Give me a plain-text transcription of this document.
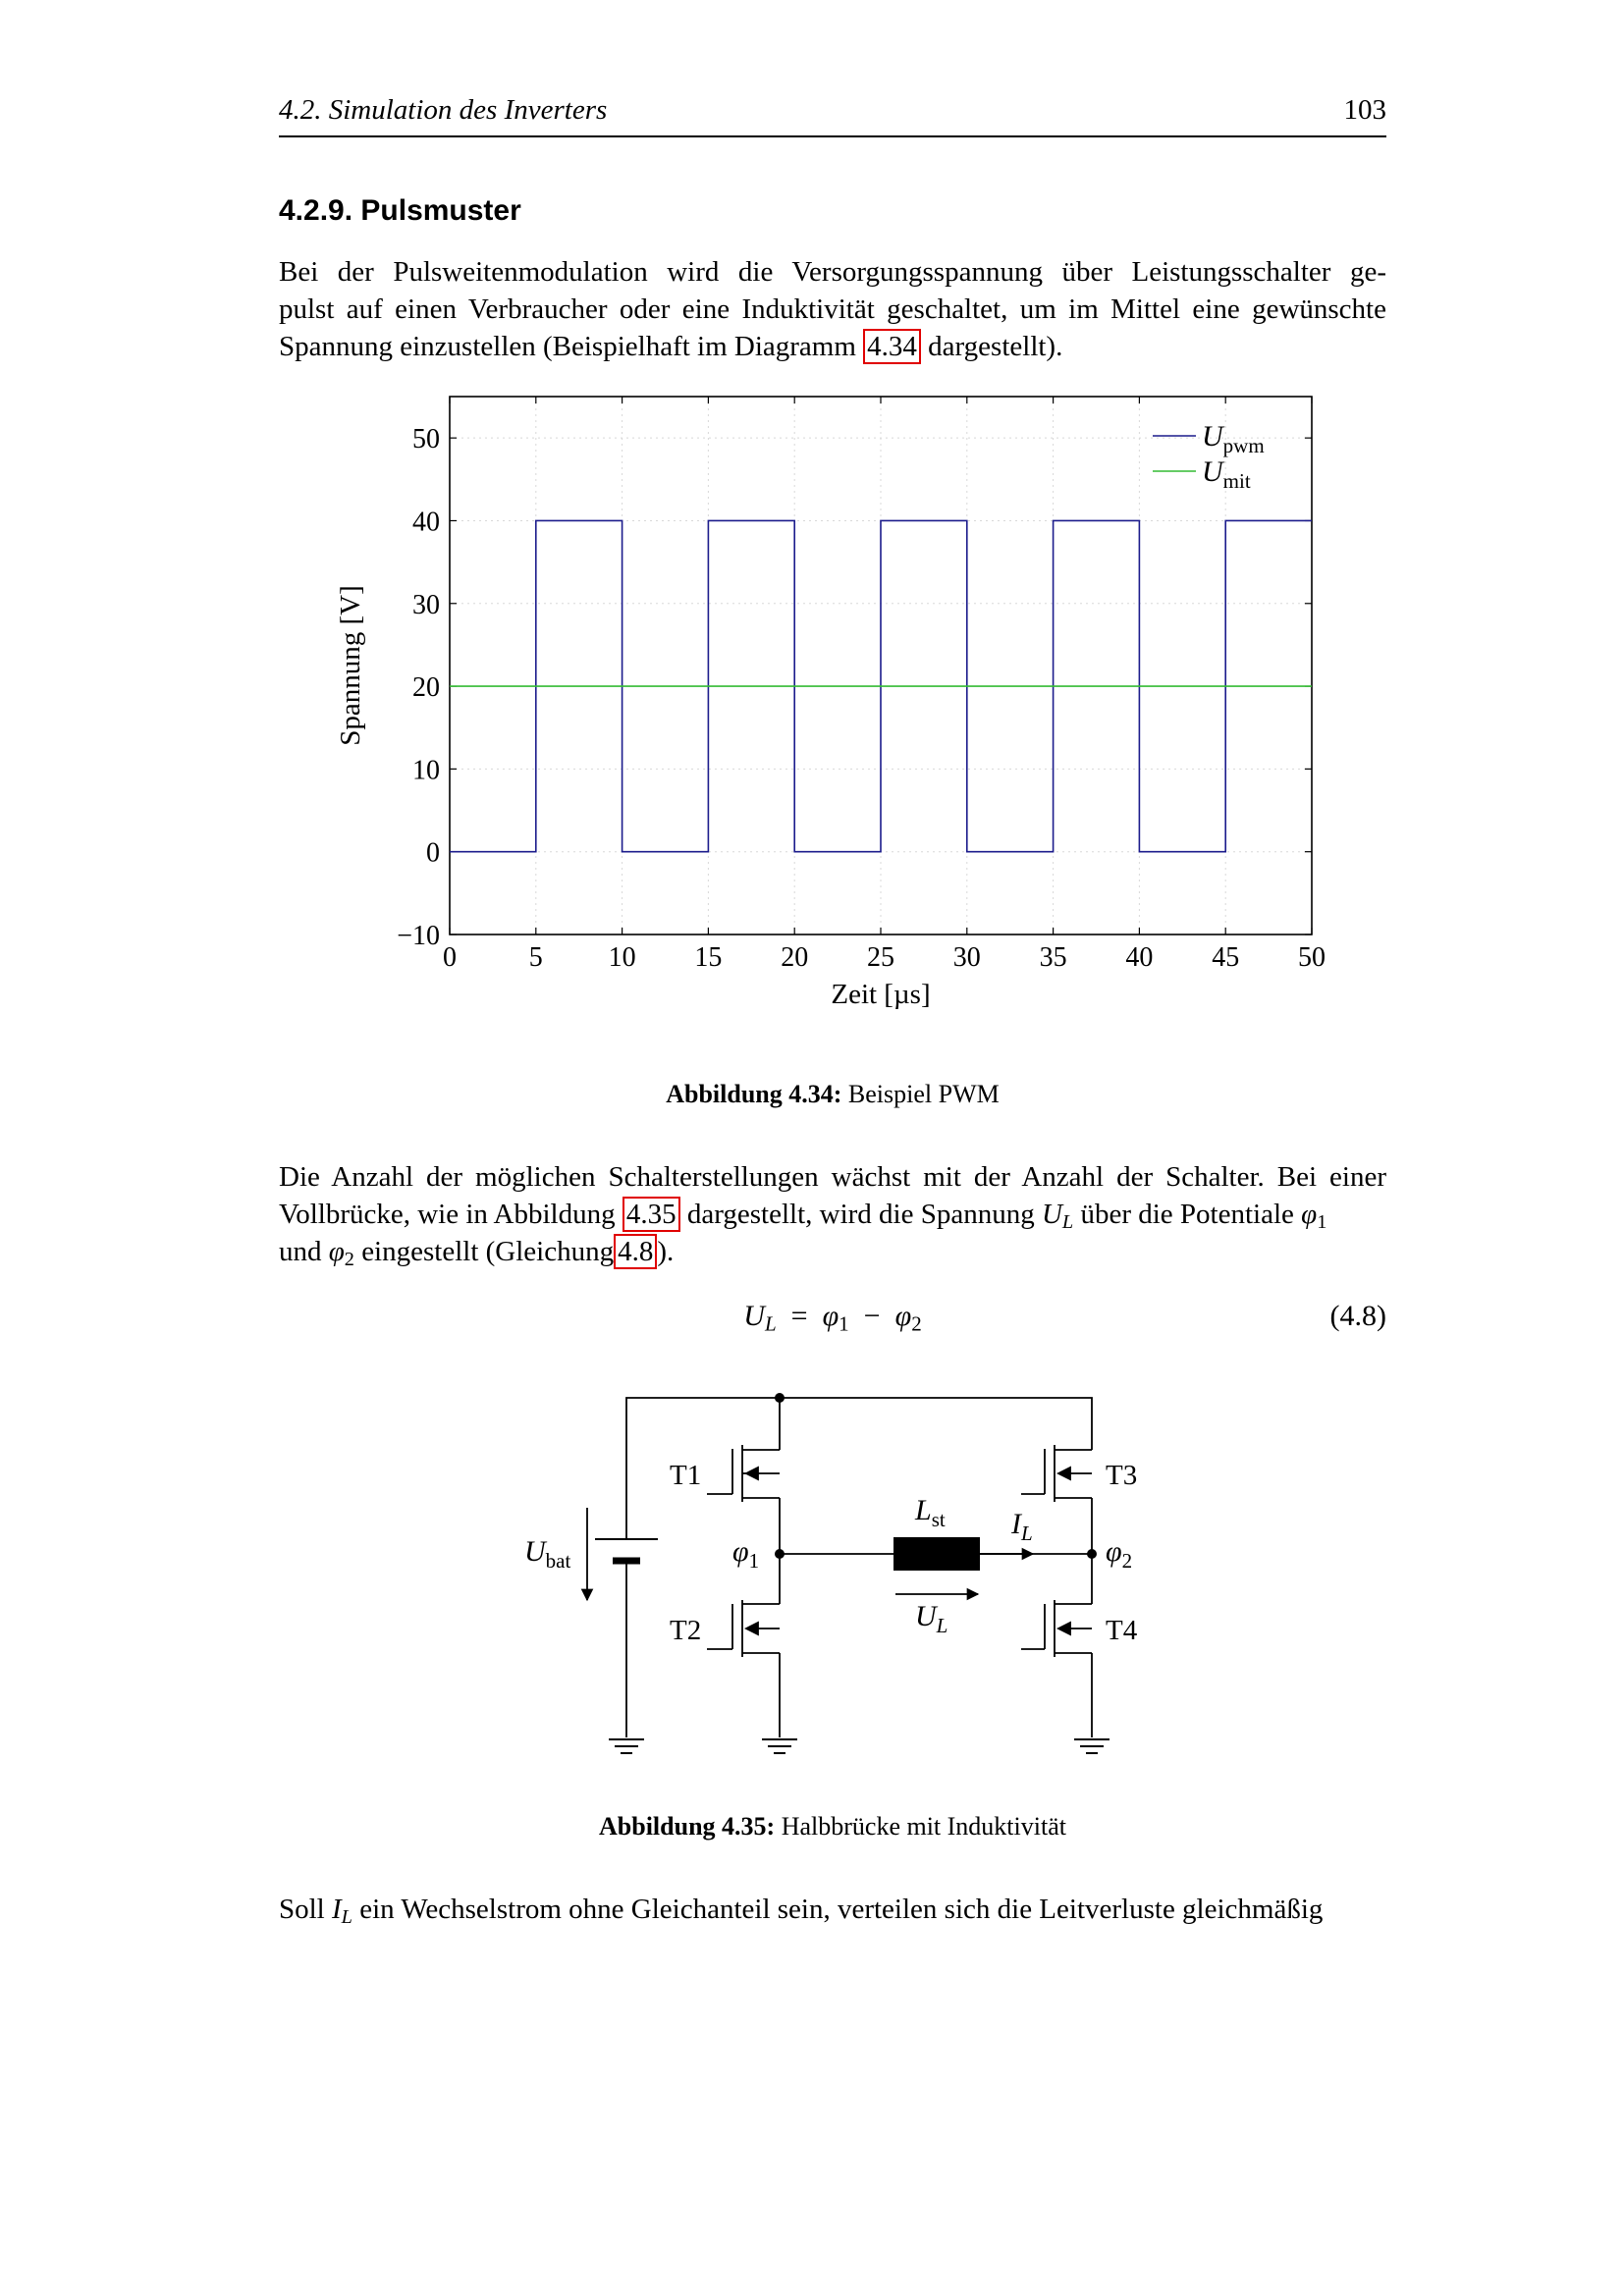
4.2. Simulation des Inverters	103
4.2.9. Pulsmuster
Bei der Pulsweitenmodulation wird die Versorgungsspannung über Leistungsschalter ge-
pulst auf einen Verbraucher oder eine Induktivität geschaltet, um im Mittel eine gewünschte
Spannung einzustellen (Beispielhaft im Diagramm 4.34 dargestellt).
0	5 10 15 20 25 30 35 40 45 50
−10
0
10
20
30
40
50	$U_{pwm}$
$U_{mit}$
Zeit [µs]
Spannung [V]
Abbildung 4.34: Beispiel PWM
Die Anzahl der möglichen Schalterstellungen wächst mit der Anzahl der Schalter. Bei einer
Vollbrücke, wie in Abbildung 4.35 dargestellt, wird die Spannung $U_L$ über die Potentiale $\varphi_1$
und $\varphi_2$ eingestellt (Gleichung 4.8 ).
$U_L = \varphi_1 - \varphi_2$	(4.8)
T1
T2
T3
T4
$U_{bat}$
$L_{st}$ $I_L$
$U_L$
$\varphi_1$	$\varphi_2$
Abbildung 4.35: Halbbrücke mit Induktivität
Soll $I_L$ ein Wechselstrom ohne Gleichanteil sein, verteilen sich die Leitverluste gleichmäßig
